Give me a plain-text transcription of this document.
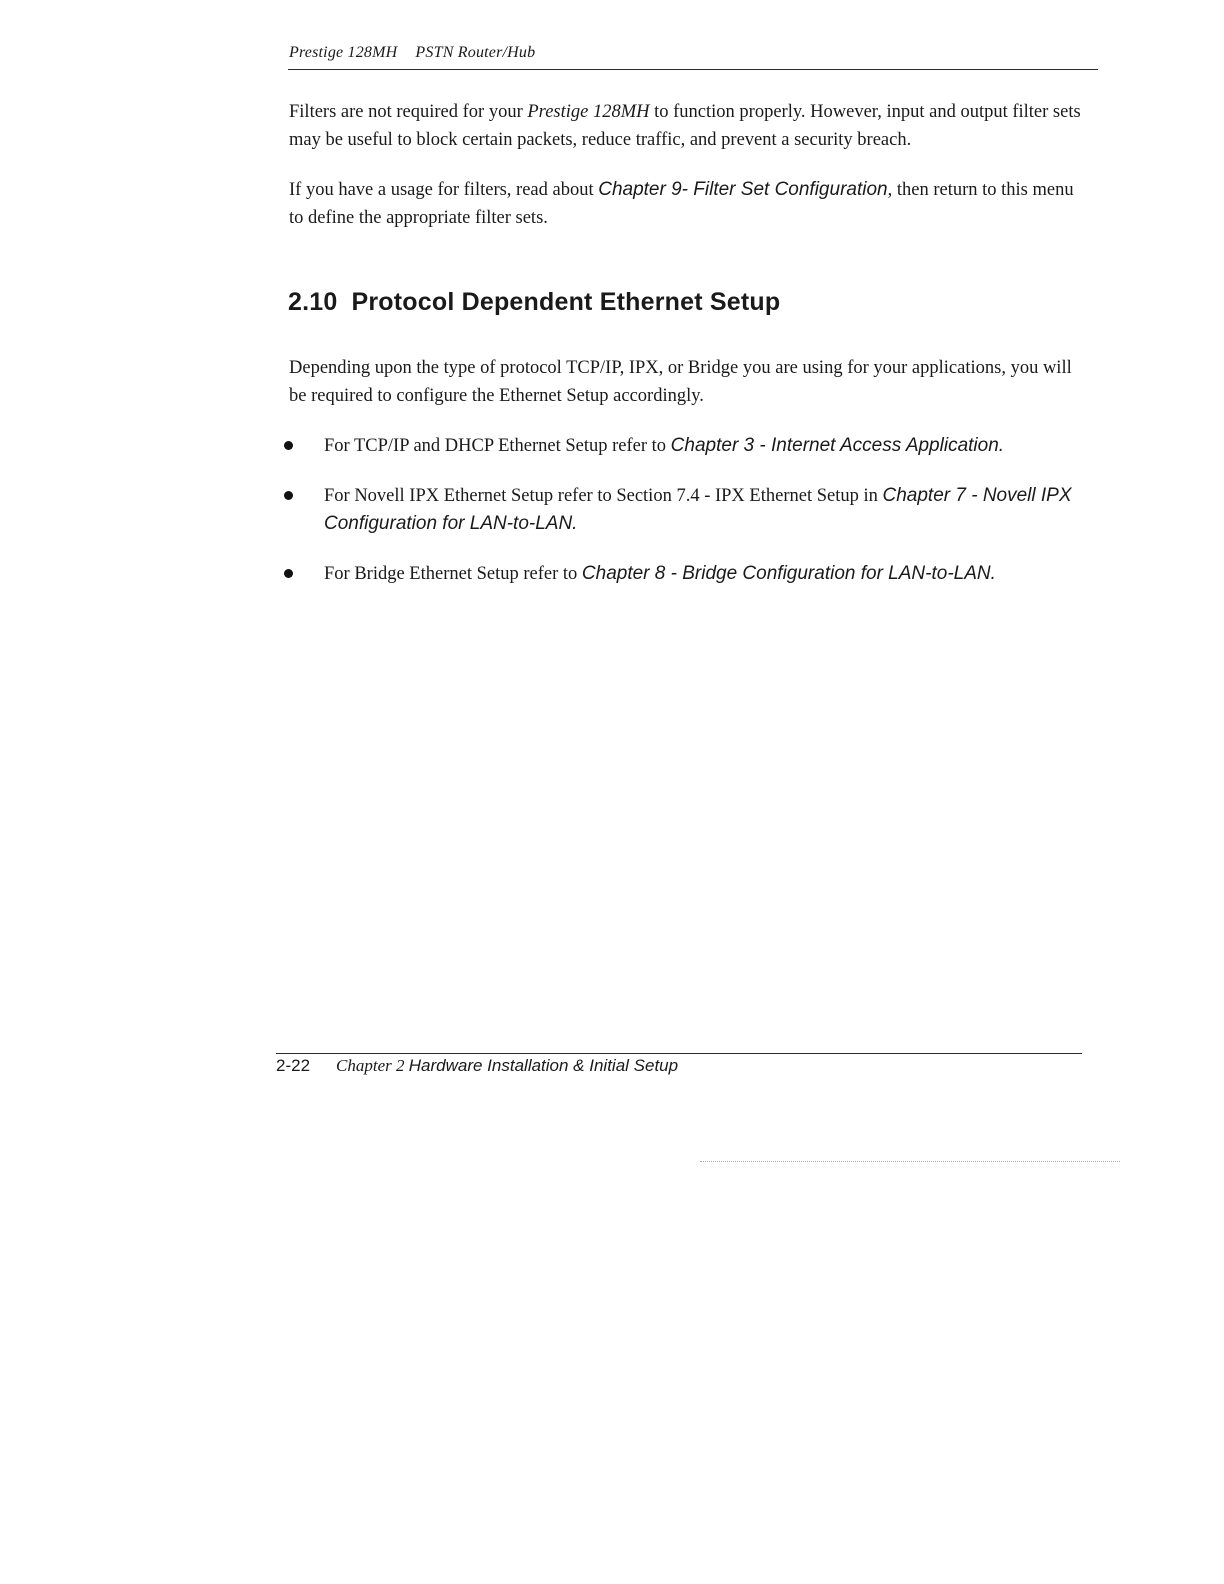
Prestige 128MH PSTN Router/Hub
Filters are not required for your Prestige 128MH to function properly. However, input and output filter sets may be useful to block certain packets, reduce traffic, and prevent a security breach.
If you have a usage for filters, read about Chapter 9- Filter Set Configuration, then return to this menu to define the appropriate filter sets.
2.10 Protocol Dependent Ethernet Setup
Depending upon the type of protocol TCP/IP, IPX, or Bridge you are using for your applications, you will be required to configure the Ethernet Setup accordingly.
For TCP/IP and DHCP Ethernet Setup refer to Chapter 3 - Internet Access Application.
For Novell IPX Ethernet Setup refer to Section 7.4 - IPX Ethernet Setup in Chapter 7 - Novell IPX Configuration for LAN-to-LAN.
For Bridge Ethernet Setup refer to Chapter 8 - Bridge Configuration for LAN-to-LAN.
2-22 Chapter 2 Hardware Installation & Initial Setup
